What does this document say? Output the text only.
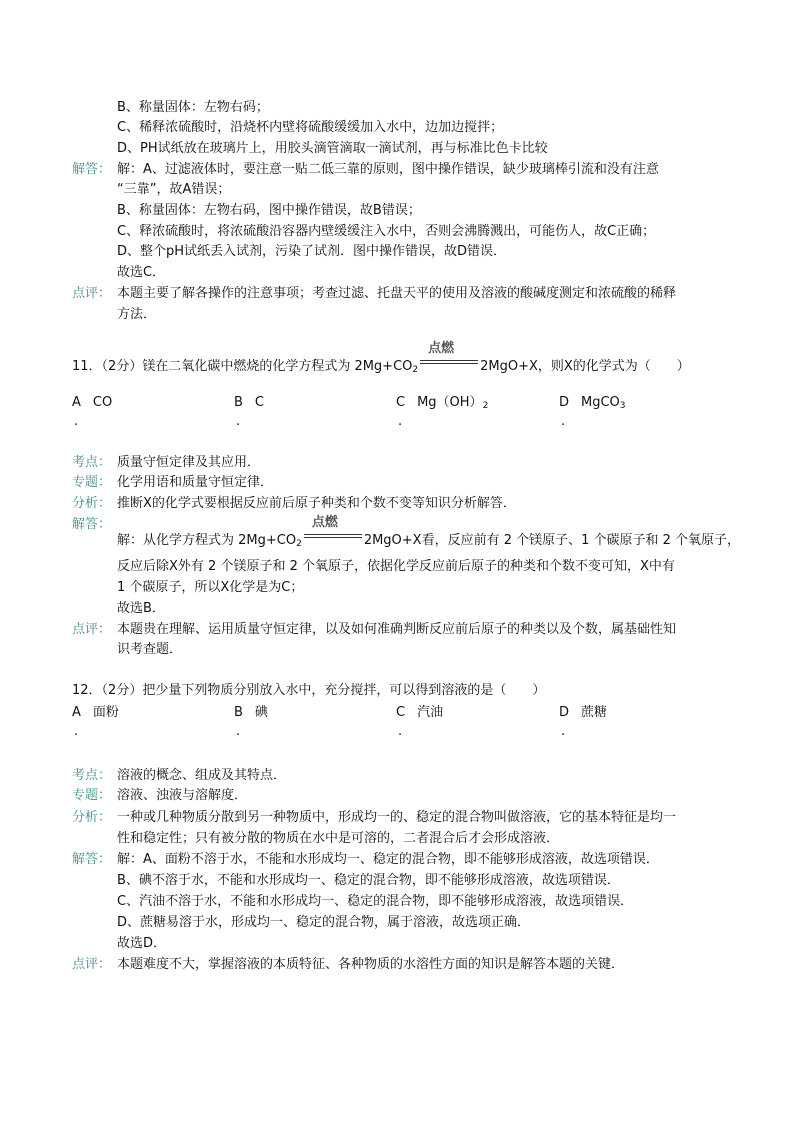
B、称量固体：左物右码；
C、稀释浓硫酸时，沿烧杯内壁将硫酸缓缓加入水中，边加边搅拌；
D、PH试纸放在玻璃片上，用胶头滴管滴取一滴试剂，再与标准比色卡比较
解答： 解：A、过滤液体时，要注意一贴二低三靠的原则，图中操作错误，缺少玻璃棒引流和没有注意
“三靠”，故A错误；
B、称量固体：左物右码，图中操作错误，故B错误；
C、释浓硫酸时，将浓硫酸沿容器内壁缓缓注入水中，否则会沸腾溅出，可能伤人，故C正确；
D、整个pH试纸丢入试剂，污染了试剂．图中操作错误，故D错误．
故选C．
点评： 本题主要了解各操作的注意事项；考查过滤、托盘天平的使用及溶液的酸碱度测定和浓硫酸的稀释
方法．
11．（2分）镁在二氧化碳中燃烧的化学方程式为 $2Mg+CO_2$
点燃
2MgO+X，则X的化学式为（　　）
A CO
.
B C
.
C $Mg(OH)_2$
.
D MgCO$_3$
.
考点： 质量守恒定律及其应用．
专题： 化学用语和质量守恒定律．
分析： 推断X的化学式要根据反应前后原子种类和个数不变等知识分析解答．
解答：
解：从化学方程式为 $2Mg+CO_2$
点燃
2MgO+X看，反应前有 2 个镁原子、1 个碳原子和 2 个氧原子，
反应后除X外有 2 个镁原子和 2 个氧原子，依据化学反应前后原子的种类和个数不变可知，X中有
1 个碳原子，所以X化学是为C；
故选B．
点评： 本题贵在理解、运用质量守恒定律，以及如何准确判断反应前后原子的种类以及个数，属基础性知
识考查题．
12．（2分）把少量下列物质分别放入水中，充分搅拌，可以得到溶液的是（　　）
A 面粉
.
B 碘
.
C 汽油
.
D 蔗糖
.
考点： 溶液的概念、组成及其特点．
专题： 溶液、浊液与溶解度．
分析： 一种或几种物质分散到另一种物质中，形成均一的、稳定的混合物叫做溶液，它的基本特征是均一
性和稳定性；只有被分散的物质在水中是可溶的，二者混合后才会形成溶液．
解答： 解：A、面粉不溶于水，不能和水形成均一、稳定的混合物，即不能够形成溶液，故选项错误．
B、碘不溶于水，不能和水形成均一、稳定的混合物，即不能够形成溶液，故选项错误．
C、汽油不溶于水，不能和水形成均一、稳定的混合物，即不能够形成溶液，故选项错误．
D、蔗糖易溶于水，形成均一、稳定的混合物，属于溶液，故选项正确．
故选D．
点评： 本题难度不大，掌握溶液的本质特征、各种物质的水溶性方面的知识是解答本题的关键．
